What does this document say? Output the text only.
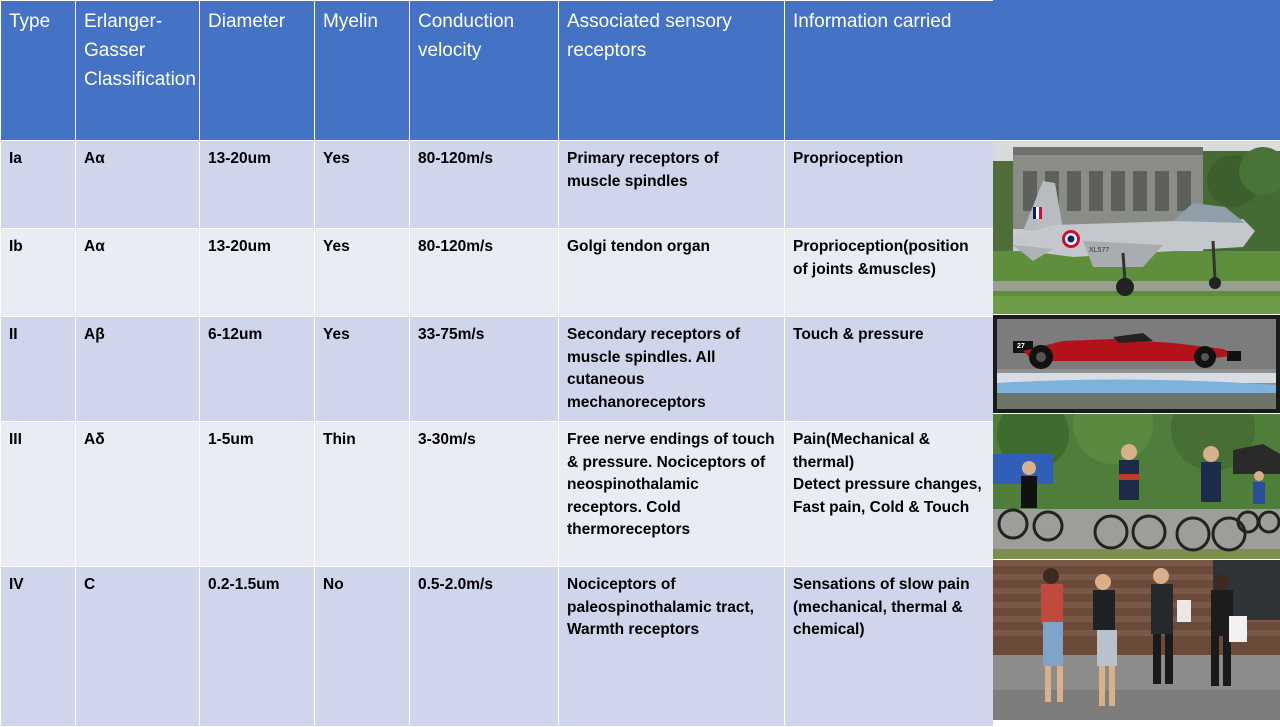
Type	Erlanger-Gasser Classification	Diameter	Myelin	Conduction velocity	Associated sensory receptors	Information carried
Ia	Aα	13-20um	Yes	80-120m/s	Primary receptors of muscle spindles	Proprioception
Ib	Aα	13-20um	Yes	80-120m/s	Golgi tendon organ	Proprioception(position of joints &muscles)
II	Aβ	6-12um	Yes	33-75m/s	Secondary receptors of muscle spindles. All cutaneous mechanoreceptors	Touch & pressure
III	Aδ	1-5um	Thin	3-30m/s	Free nerve endings of touch & pressure. Nociceptors of neospinothalamic receptors. Cold thermoreceptors	Pain(Mechanical & thermal)
Detect pressure changes, Fast pain, Cold & Touch
IV	C	0.2-1.5um	No	0.5-2.0m/s	Nociceptors of paleospinothalamic tract, Warmth receptors	Sensations of slow pain (mechanical, thermal & chemical)
XL577
27
